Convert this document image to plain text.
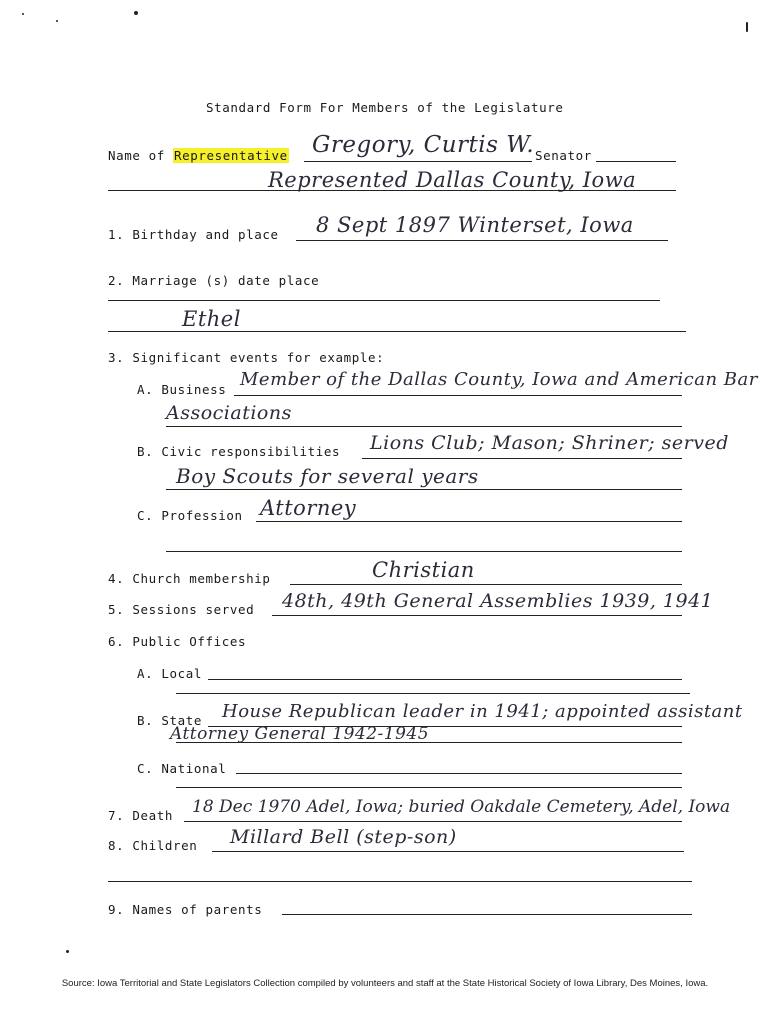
Standard Form For Members of the Legislature
Name of Representative Gregory, Curtis W. Senator
Represented Dallas County, Iowa
1. Birthday and place 8 Sept 1897 Winterset, Iowa
2. Marriage (s) date place
Ethel
3. Significant events for example:
A. Business Member of the Dallas County, Iowa and American Bar
Associations
B. Civic responsibilities Lions Club; Mason; Shriner; served
Boy Scouts for several years
C. Profession Attorney
4. Church membership	Christian
5. Sessions served 48th, 49th General Assemblies 1939, 1941
6. Public Offices
A. Local
B. State House Republican leader in 1941; appointed assistant
Attorney General 1942-1945
C. National
7. Death 18 Dec 1970 Adel, Iowa; buried Oakdale Cemetery, Adel, Iowa
8. Children Millard Bell (step-son)
9. Names of parents
Source: Iowa Territorial and State Legislators Collection compiled by volunteers and staff at the State Historical Society of Iowa Library, Des Moines, Iowa.
